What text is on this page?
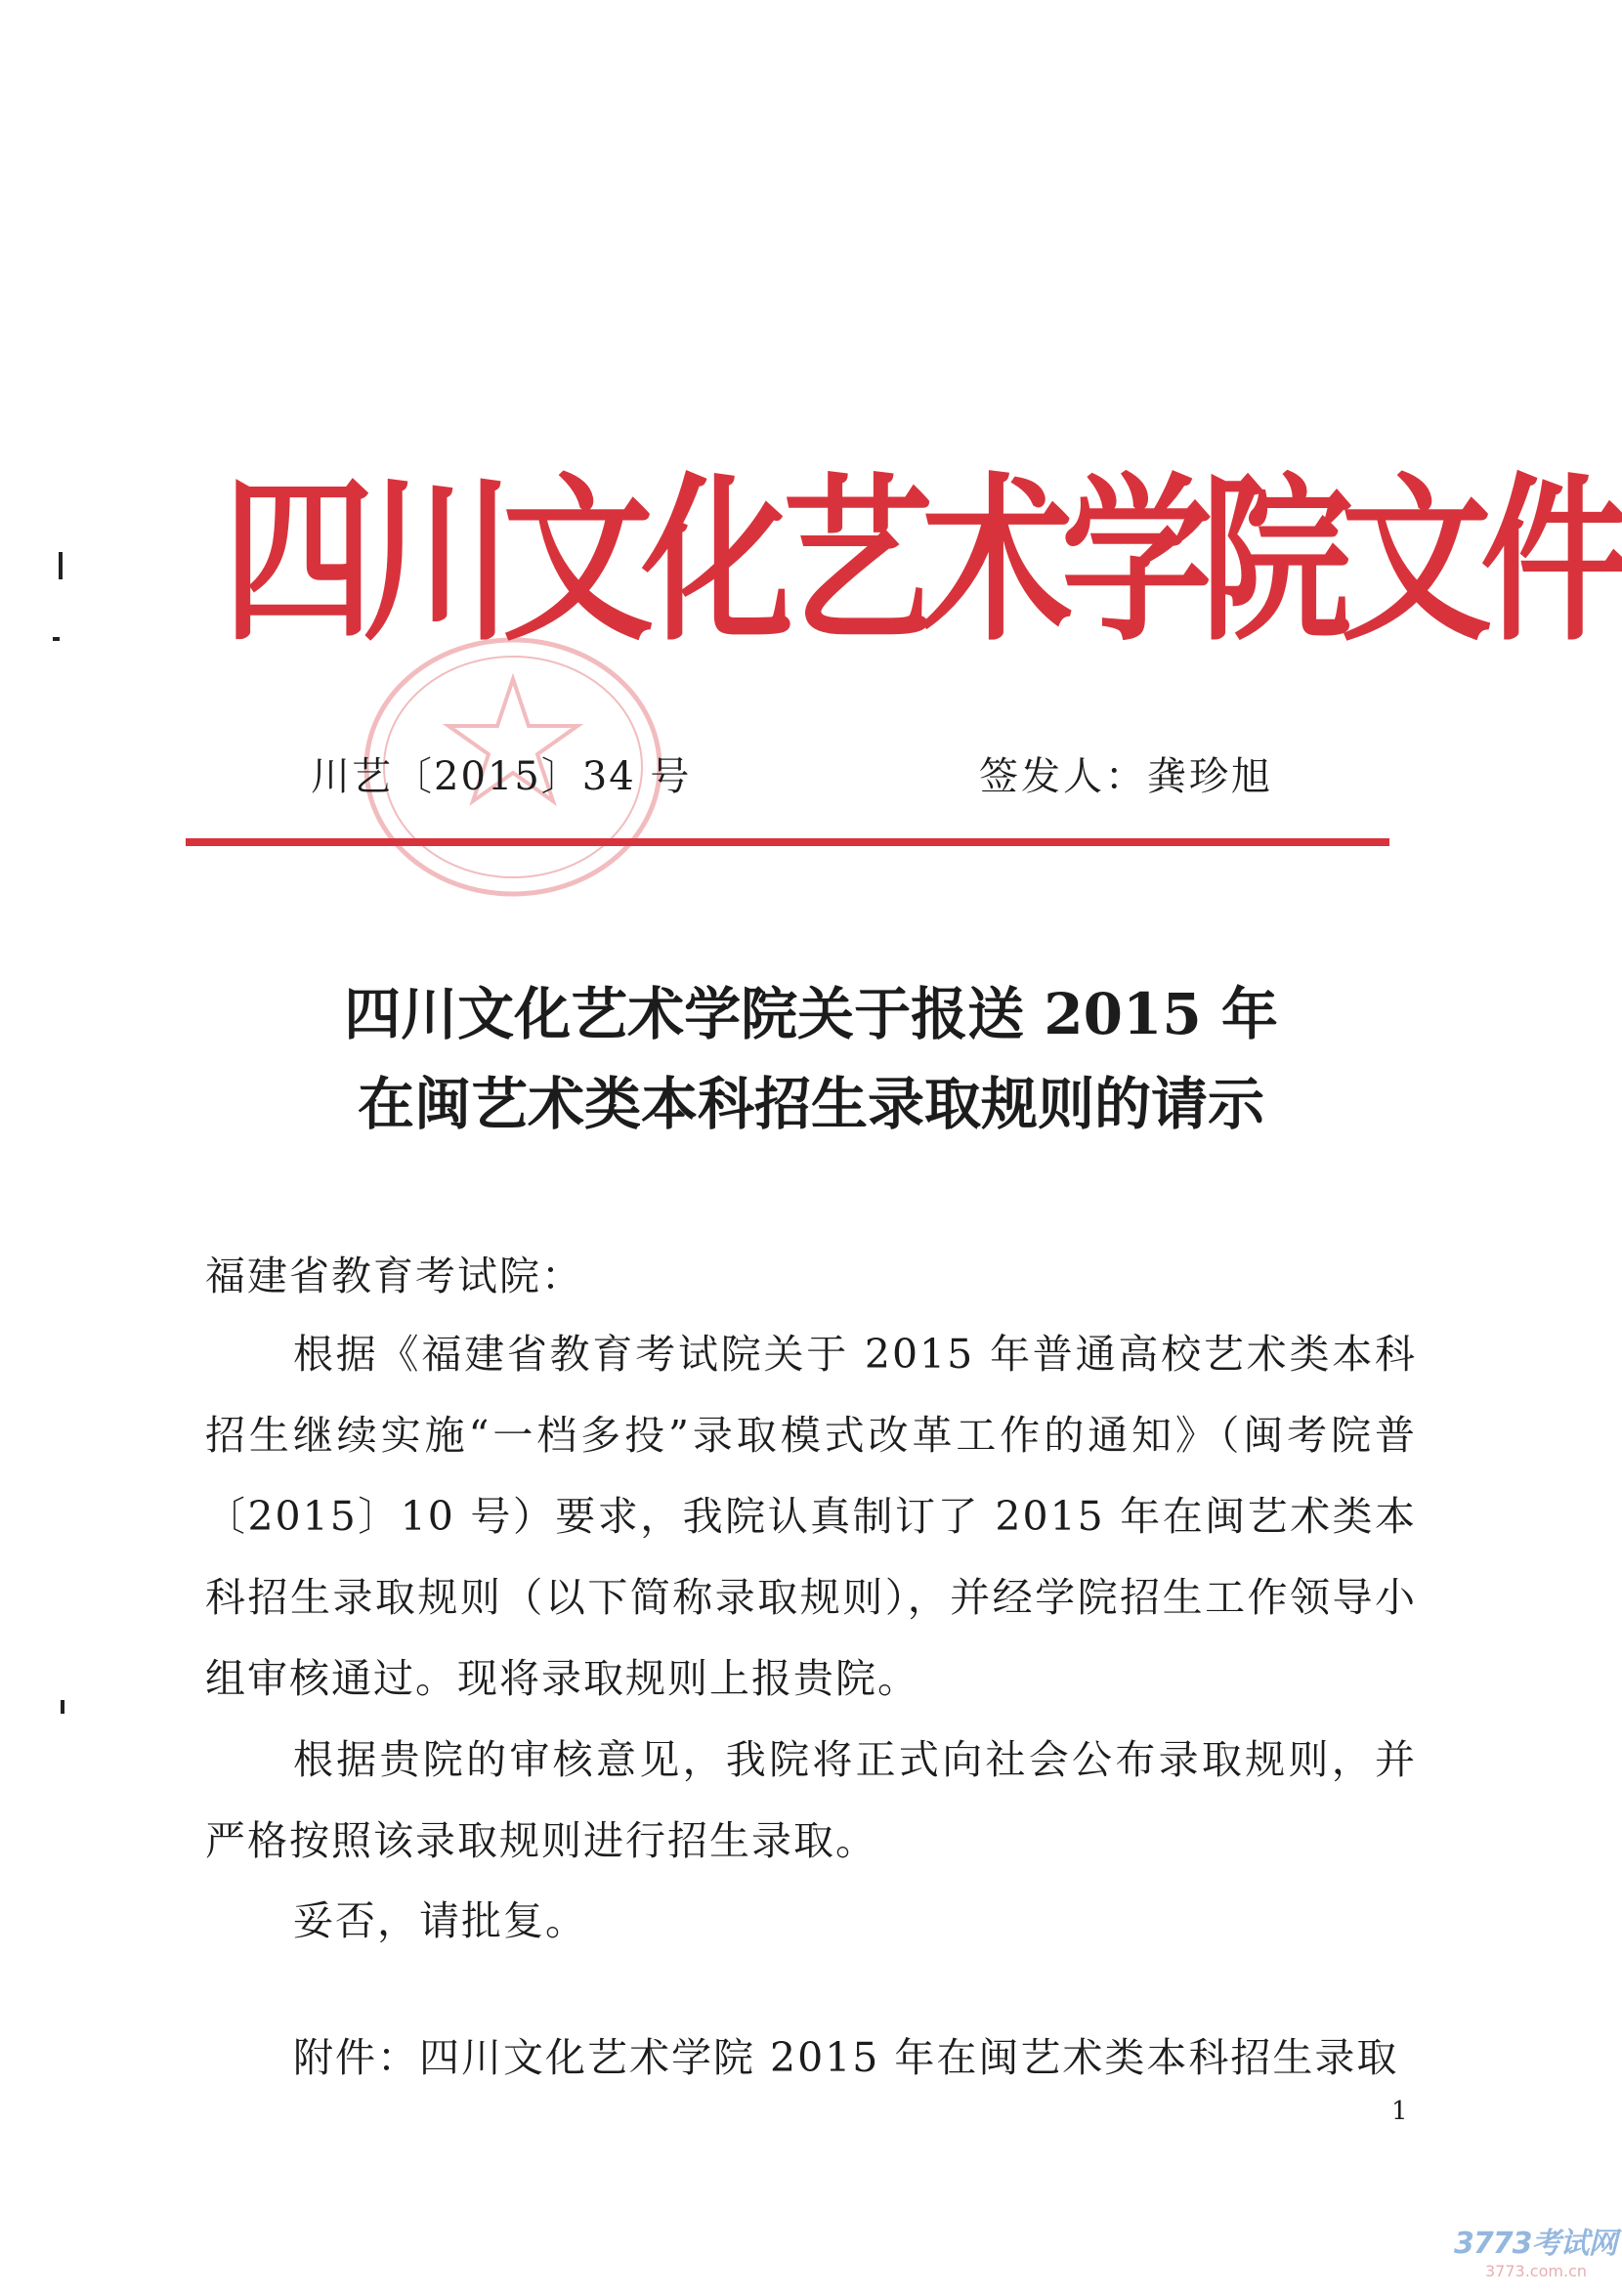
四川文化艺术学院文件
川艺〔2015〕34 号	签发人：龚珍旭
四川文化艺术学院关于报送 2015 年
在闽艺术类本科招生录取规则的请示
福建省教育考试院：
根据《福建省教育考试院关于 2015 年普通高校艺术类本科招生继续实施“一档多投”录取模式改革工作的通知》（闽考院普〔2015〕10 号）要求，我院认真制订了 2015 年在闽艺术类本科招生录取规则（以下简称录取规则），并经学院招生工作领导小组审核通过。现将录取规则上报贵院。
根据贵院的审核意见，我院将正式向社会公布录取规则，并严格按照该录取规则进行招生录取。
妥否，请批复。
附件：四川文化艺术学院 2015 年在闽艺术类本科招生录取
1
3773考试网
3773.com.cn
